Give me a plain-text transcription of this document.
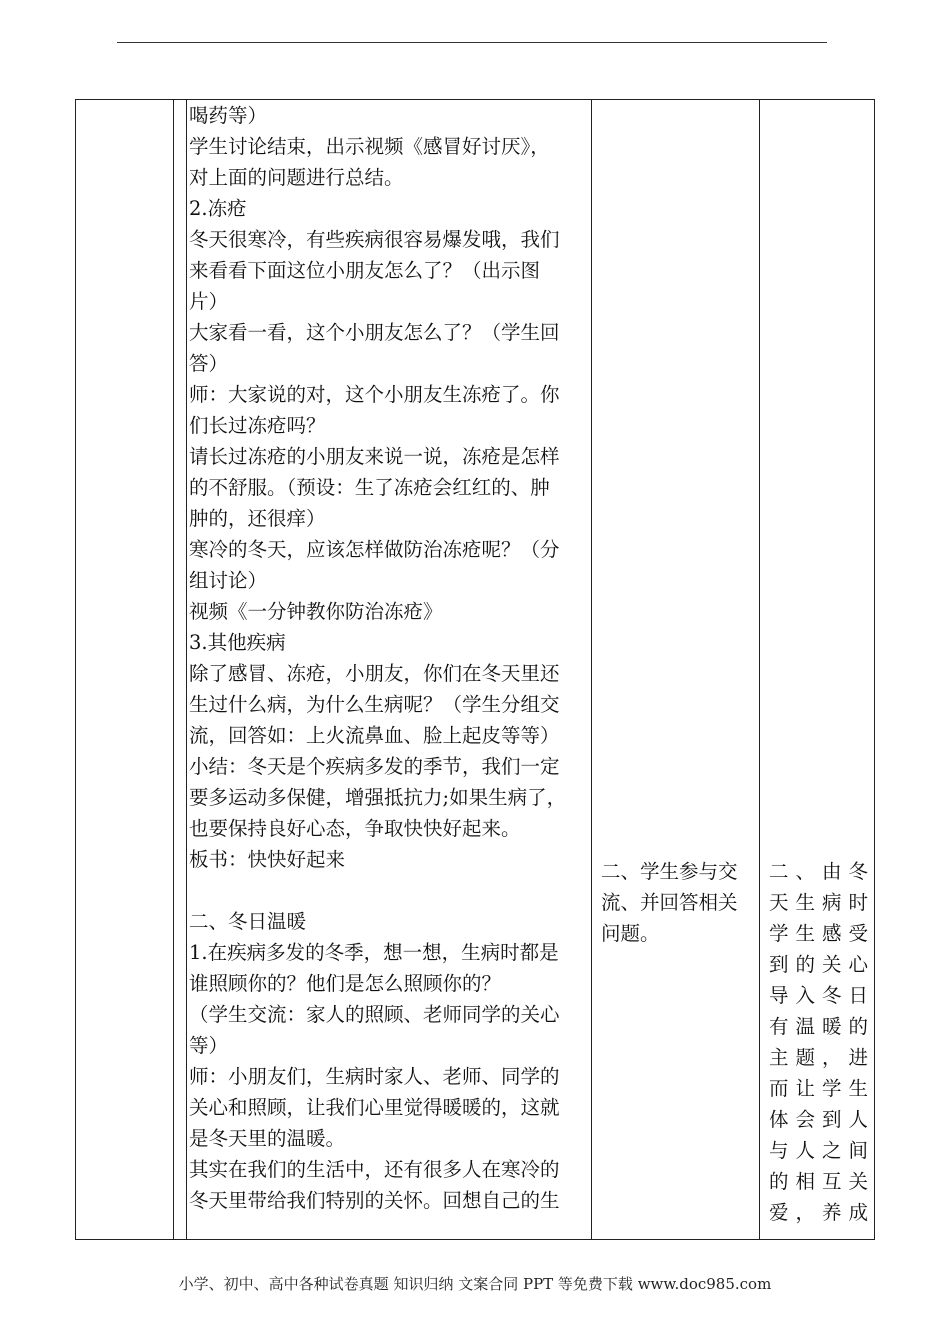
喝药等）
学生讨论结束，出示视频《感冒好讨厌》，
对上面的问题进行总结。
2.冻疮
冬天很寒冷，有些疾病很容易爆发哦，我们
来看看下面这位小朋友怎么了？（出示图
片）
大家看一看，这个小朋友怎么了？（学生回
答）
师：大家说的对，这个小朋友生冻疮了。你
们长过冻疮吗？
请长过冻疮的小朋友来说一说，冻疮是怎样
的不舒服。（预设：生了冻疮会红红的、肿
肿的，还很痒）
寒冷的冬天，应该怎样做防治冻疮呢？（分
组讨论）
视频《一分钟教你防治冻疮》
3.其他疾病
除了感冒、冻疮，小朋友，你们在冬天里还
生过什么病，为什么生病呢？（学生分组交
流，回答如：上火流鼻血、脸上起皮等等）
小结：冬天是个疾病多发的季节，我们一定
要多运动多保健，增强抵抗力;如果生病了，
也要保持良好心态，争取快快好起来。
板书：快快好起来
二、冬日温暖
1.在疾病多发的冬季，想一想，生病时都是
谁照顾你的？他们是怎么照顾你的？
（学生交流：家人的照顾、老师同学的关心
等）
师：小朋友们，生病时家人、老师、同学的
关心和照顾，让我们心里觉得暖暖的，这就
是冬天里的温暖。
其实在我们的生活中，还有很多人在寒冷的
冬天里带给我们特别的关怀。回想自己的生
二、学生参与交
流、并回答相关
问题。
二、由冬
天生病时
学生感受
到的关心
导入冬日
有温暖的
主题，进
而让学生
体会到人
与人之间
的相互关
爱，养成
小学、初中、高中各种试卷真题 知识归纳 文案合同 PPT 等免费下载 www.doc985.com
